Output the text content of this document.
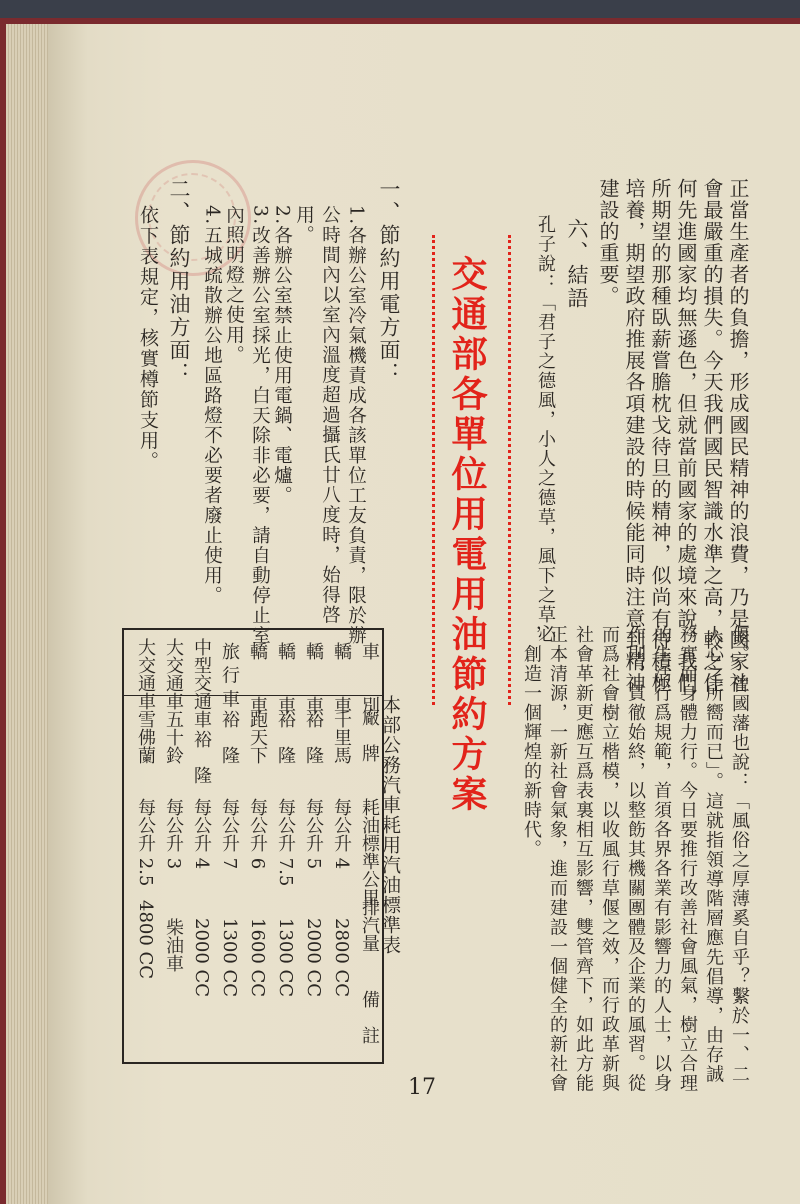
正當生產者的負擔，形成國民精神的浪費，乃是國家社
會最嚴重的損失。今天我們國民智識水準之高，較之任
何先進國家均無遜色，但就當前國家的處境來說，我們
所期望的那種臥薪嘗膽枕戈待旦的精神，似尚有待積極
培養，期望政府推展各項建設的時候能同時注意到精神
建設的重要。
六、結語
孔子說：「君子之德風，小人之德草，風下之草必
偃。」曾國藩也說：「風俗之厚薄奚自乎？繫於一、二
人心之所嚮而已」。這就指領導階層應先倡導，由存誠
務實而身體力行。今日要推行改善社會風氣，樹立合理
的生活行爲規範，首須各界各業有影響力的人士，以身
作則，貫徹始終，以整飭其機關團體及企業的風習。從
而爲社會樹立楷模，以收風行草偃之效，而行政革新與
社會革新更應互爲表裏相互影響，雙管齊下，如此方能
正本清源，一新社會氣象，進而建設一個健全的新社會
，創造一個輝煌的新時代。
交通部各單位用電用油節約方案
一、節約用電方面：
1.各辦公室冷氣機責成各該單位工友負責，限於辦
公時間內以室內溫度超過攝氏廿八度時，始得啓
用。
2.各辦公室禁止使用電鍋、電爐。
3.改善辦公室採光，白天除非必要，請自動停止室
內照明燈之使用。
4.五城疏散辦公地區路燈不必要者廢止使用。
二、節約用油方面：
依下表規定，核實樽節支用。
本部公務汽車耗用汽油標準表
車　　別
廠　牌
耗油標準公里
排汽量
備　註
轎　　車
千里馬
每公升 4
2800 CC
轎　　車
裕　隆
每公升 5
2000 CC
轎　　車
裕　隆
每公升 7.5
1300 CC
轎　　車
跑天下
每公升 6
1600 CC
旅 行 車
裕　隆
每公升 7
1300 CC
中型交通車
裕　隆
每公升 4
2000 CC
大交通車
五十鈴
每公升 3
柴油車
大交通車
雪佛蘭
每公升 2.5
4800 CC
17
